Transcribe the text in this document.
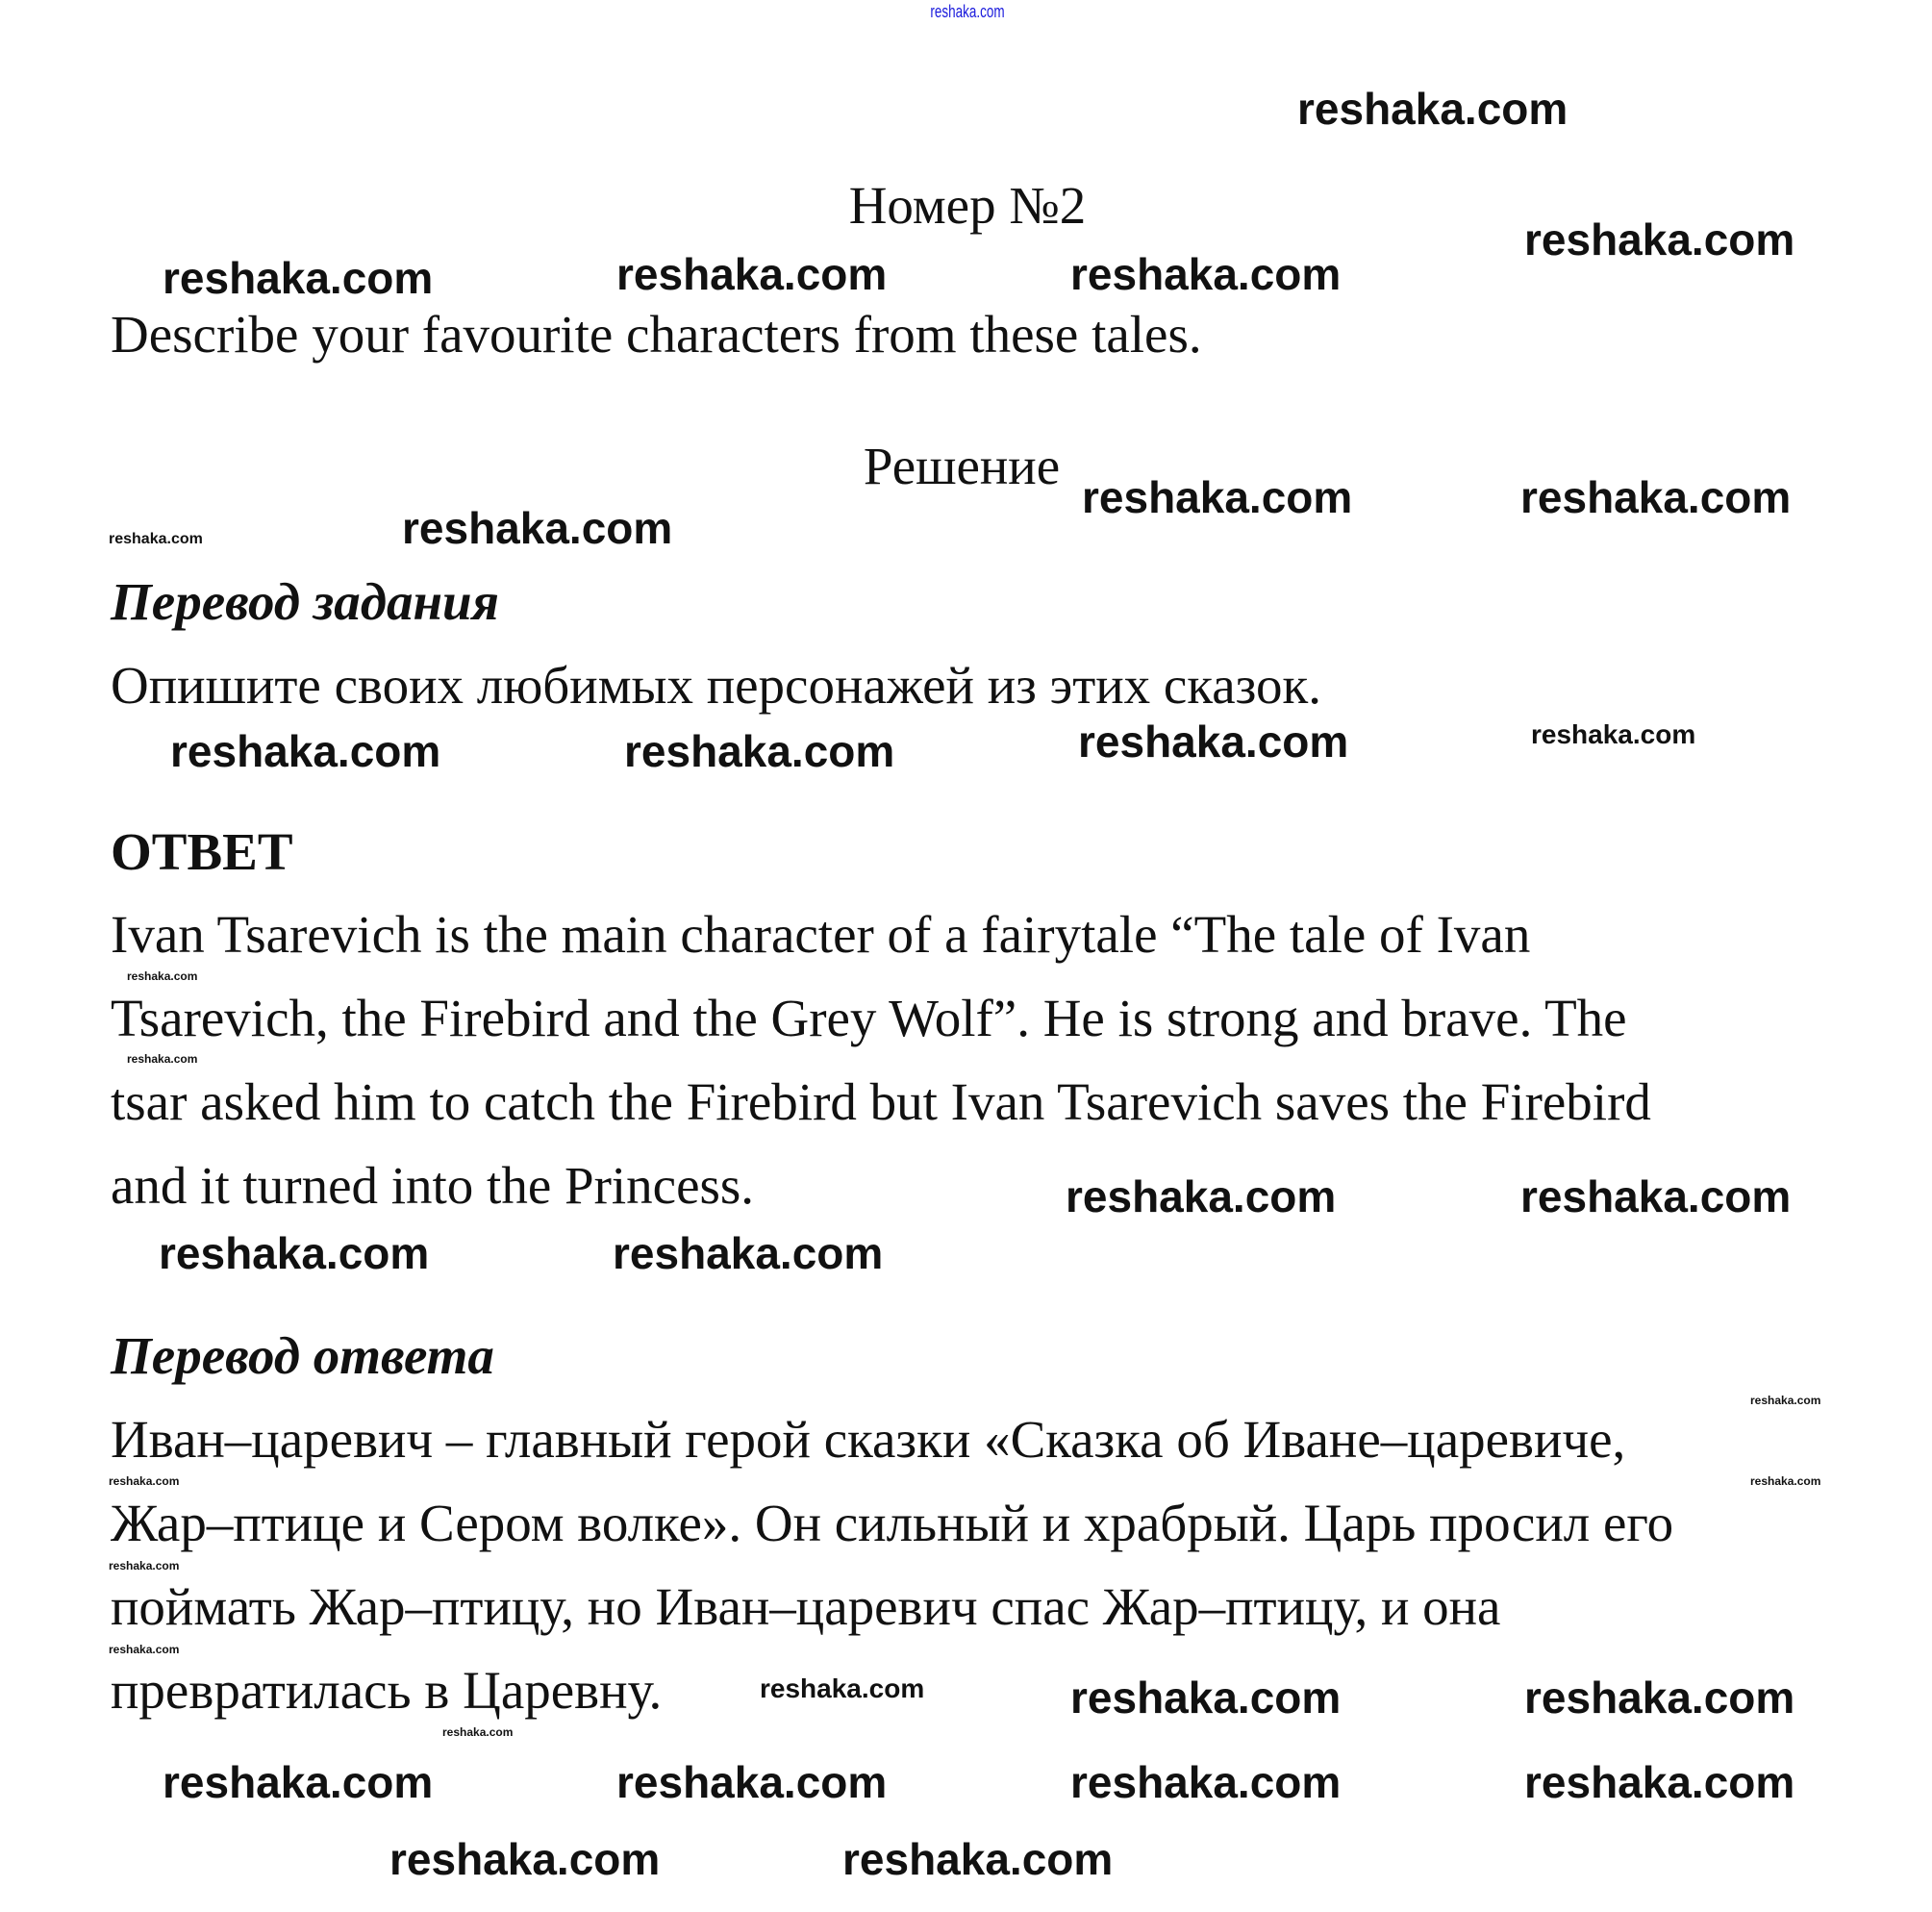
reshaka.com
Номер №2
Describe your favourite characters from these tales.
Решение
Перевод задания
Опишите своих любимых персонажей из этих сказок.
ОТВЕТ
Ivan Tsarevich is the main character of a fairytale “The tale of Ivan
Tsarevich, the Firebird and the Grey Wolf”. He is strong and brave. The
tsar asked him to catch the Firebird but Ivan Tsarevich saves the Firebird
and it turned into the Princess.
Перевод ответа
Иван–царевич – главный герой сказки «Сказка об Иване–царевиче,
Жар–птице и Сером волке». Он сильный и храбрый. Царь просил его
поймать Жар–птицу, но Иван–царевич спас Жар–птицу, и она
превратилась в Царевну.
reshaka.com
reshaka.com	reshaka.com	reshaka.com
reshaka.com	reshaka.com
reshaka.com
reshaka.com
reshaka.com	reshaka.com
reshaka.com	reshaka.com
reshaka.com
reshaka.com	reshaka.com
reshaka.com
reshaka.com
reshaka.com	reshaka.com
reshaka.com
reshaka.com
reshaka.com
reshaka.com	reshaka.com	reshaka.com
reshaka.com
reshaka.com
reshaka.com
reshaka.com
reshaka.com
reshaka.com	reshaka.com	reshaka.com
reshaka.com
